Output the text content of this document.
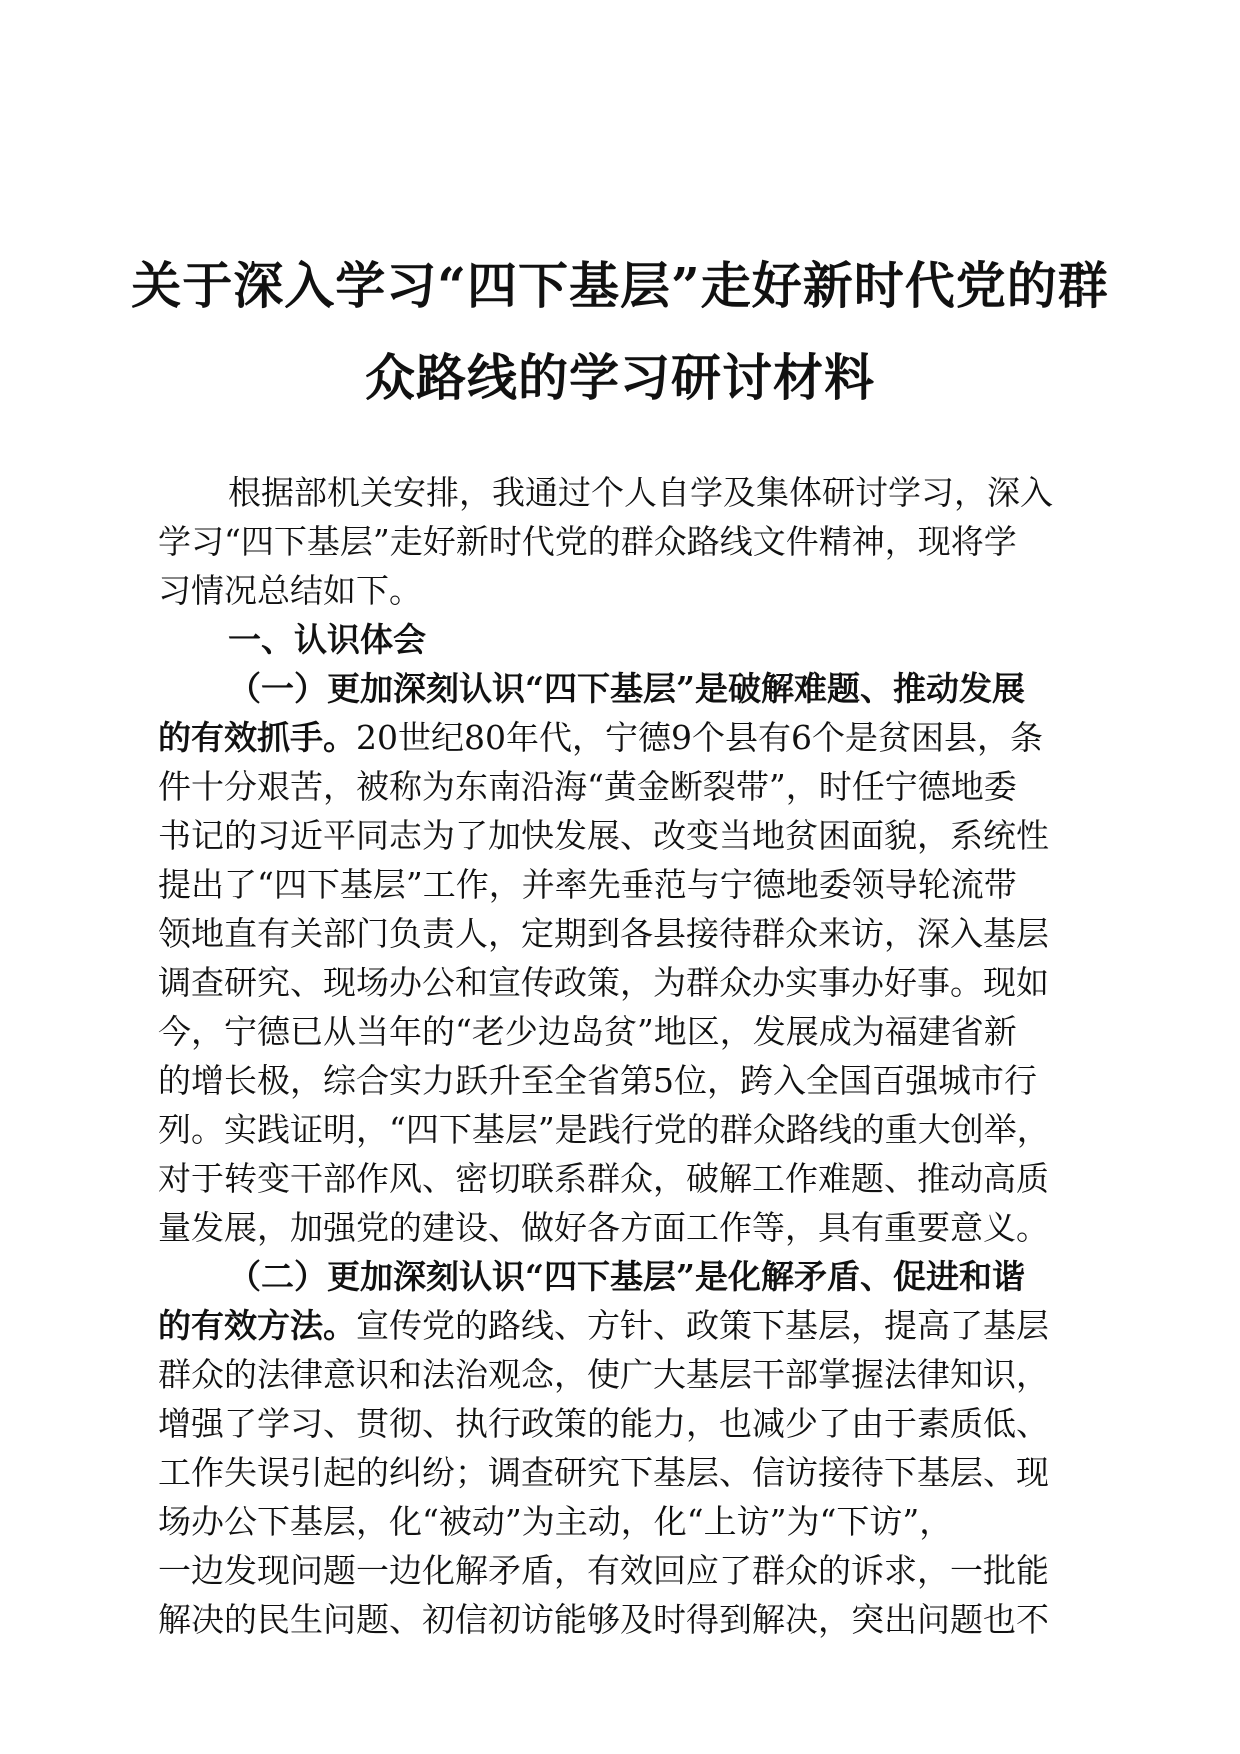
关于深入学习“四下基层”走好新时代党的群
众路线的学习研讨材料
根据部机关安排，我通过个人自学及集体研讨学习，深入
学习“四下基层”走好新时代党的群众路线文件精神，现将学
习情况总结如下。
一、认识体会
（一）更加深刻认识“四下基层”是破解难题、推动发展
的有效抓手。20世纪80年代，宁德9个县有6个是贫困县，条
件十分艰苦，被称为东南沿海“黄金断裂带”，时任宁德地委
书记的习近平同志为了加快发展、改变当地贫困面貌，系统性
提出了“四下基层”工作，并率先垂范与宁德地委领导轮流带
领地直有关部门负责人，定期到各县接待群众来访，深入基层
调查研究、现场办公和宣传政策，为群众办实事办好事。现如
今，宁德已从当年的“老少边岛贫”地区，发展成为福建省新
的增长极，综合实力跃升至全省第5位，跨入全国百强城市行
列。实践证明，“四下基层”是践行党的群众路线的重大创举，
对于转变干部作风、密切联系群众，破解工作难题、推动高质
量发展，加强党的建设、做好各方面工作等，具有重要意义。
（二）更加深刻认识“四下基层”是化解矛盾、促进和谐
的有效方法。宣传党的路线、方针、政策下基层，提高了基层
群众的法律意识和法治观念，使广大基层干部掌握法律知识，
增强了学习、贯彻、执行政策的能力，也减少了由于素质低、
工作失误引起的纠纷；调查研究下基层、信访接待下基层、现
场办公下基层，化“被动”为主动，化“上访”为“下访”，
一边发现问题一边化解矛盾，有效回应了群众的诉求，一批能
解决的民生问题、初信初访能够及时得到解决，突出问题也不
